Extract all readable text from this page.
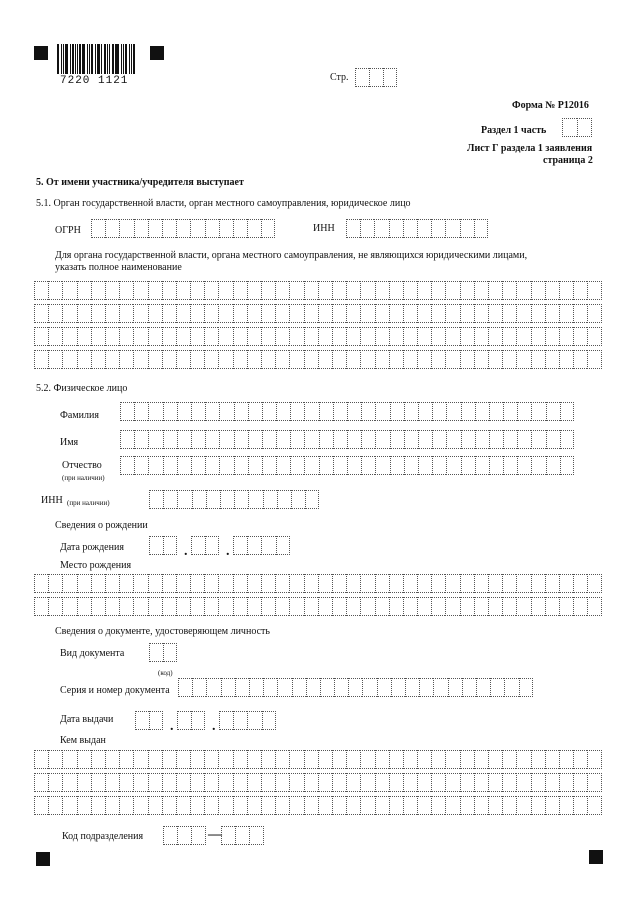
7220 1121	Стр.
Форма № Р12016
Раздел 1 часть
Лист Г раздела 1 заявления
страница 2
5. От имени участника/учредителя выступает
5.1. Орган государственной власти, орган местного самоуправления, юридическое лицо
ОГРН	ИНН
Для органа государственной власти, органа местного самоуправления, не являющихся юридическими лицами,
указать полное наименование
5.2. Физическое лицо
Фамилия
Имя
Отчество
(при наличии)
ИНН (при наличии)
Сведения о рождении
Дата рождения	.	.
Место рождения
Сведения о документе, удостоверяющем личность
Вид документа
(код)
Серия и номер документа
Дата выдачи	.	.
Кем выдан
Код подразделения	—
